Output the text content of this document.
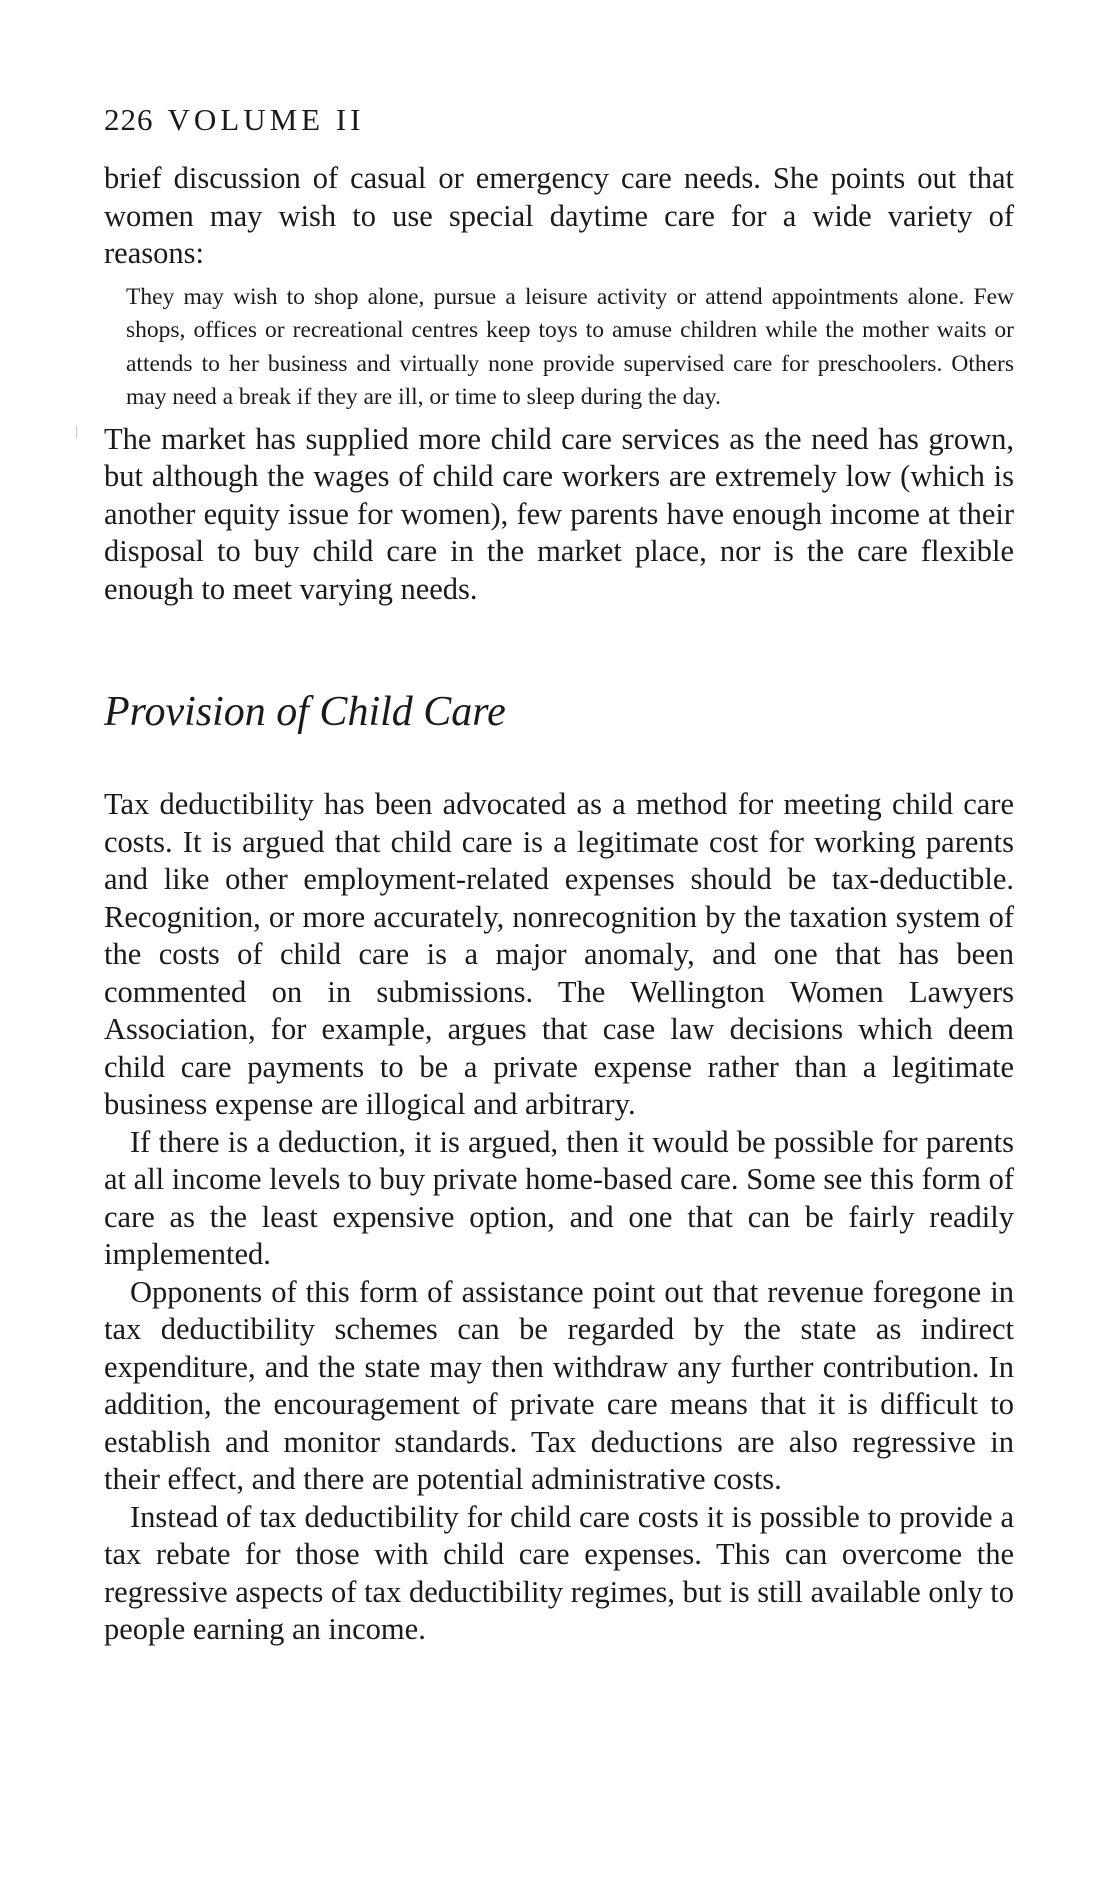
226 VOLUME II

brief discussion of casual or emergency care needs. She points out that women may wish to use special daytime care for a wide variety of reasons:

They may wish to shop alone, pursue a leisure activity or attend appointments alone. Few shops, offices or recreational centres keep toys to amuse children while the mother waits or attends to her business and virtually none provide supervised care for preschoolers. Others may need a break if they are ill, or time to sleep during the day.

The market has supplied more child care services as the need has grown, but although the wages of child care workers are extremely low (which is another equity issue for women), few parents have enough income at their disposal to buy child care in the market place, nor is the care flexible enough to meet varying needs.

Provision of Child Care

Tax deductibility has been advocated as a method for meeting child care costs. It is argued that child care is a legitimate cost for working parents and like other employment-related expenses should be tax-deductible. Recognition, or more accurately, nonrecognition by the taxation system of the costs of child care is a major anomaly, and one that has been commented on in submissions. The Wellington Women Lawyers Association, for example, argues that case law decisions which deem child care payments to be a private expense rather than a legitimate business expense are illogical and arbitrary.

If there is a deduction, it is argued, then it would be possible for parents at all income levels to buy private home-based care. Some see this form of care as the least expensive option, and one that can be fairly readily implemented.

Opponents of this form of assistance point out that revenue foregone in tax deductibility schemes can be regarded by the state as indirect expenditure, and the state may then withdraw any further contribution. In addition, the encouragement of private care means that it is difficult to establish and monitor standards. Tax deductions are also regressive in their effect, and there are potential administrative costs.

Instead of tax deductibility for child care costs it is possible to provide a tax rebate for those with child care expenses. This can overcome the regressive aspects of tax deductibility regimes, but is still available only to people earning an income.
